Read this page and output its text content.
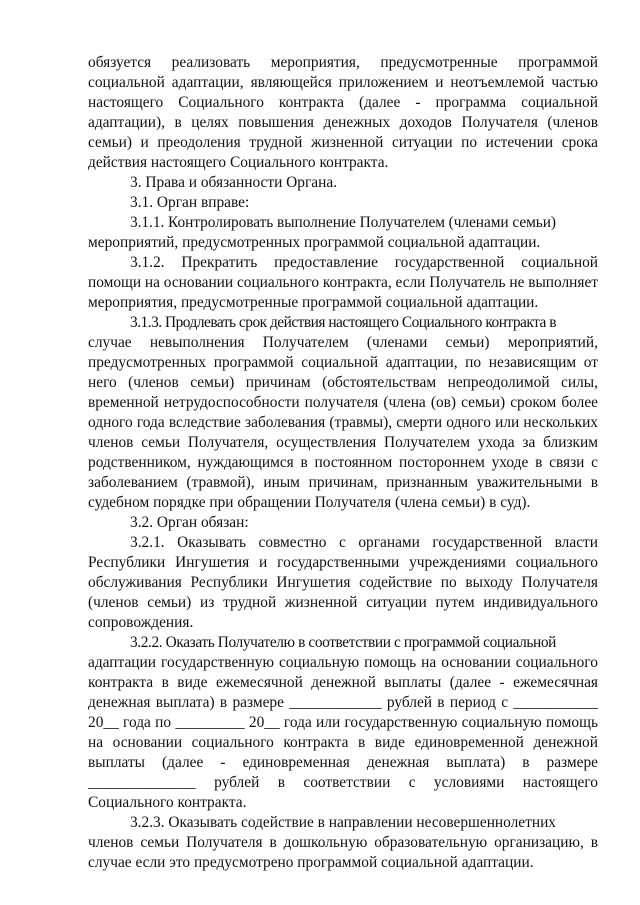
обязуется реализовать мероприятия, предусмотренные программой
социальной адаптации, являющейся приложением и неотъемлемой частью
настоящего Социального контракта (далее - программа социальной
адаптации), в целях повышения денежных доходов Получателя (членов
семьи) и преодоления трудной жизненной ситуации по истечении срока
действия настоящего Социального контракта.
3. Права и обязанности Органа.
3.1. Орган вправе:
3.1.1. Контролировать выполнение Получателем (членами семьи)
мероприятий, предусмотренных программой социальной адаптации.
3.1.2. Прекратить предоставление государственной социальной
помощи на основании социального контракта, если Получатель не выполняет
мероприятия, предусмотренные программой социальной адаптации.
3.1.3. Продлевать срок действия настоящего Социального контракта в
случае невыполнения Получателем (членами семьи) мероприятий,
предусмотренных программой социальной адаптации, по независящим от
него (членов семьи) причинам (обстоятельствам непреодолимой силы,
временной нетрудоспособности получателя (члена (ов) семьи) сроком более
одного года вследствие заболевания (травмы), смерти одного или нескольких
членов семьи Получателя, осуществления Получателем ухода за близким
родственником, нуждающимся в постоянном постороннем уходе в связи с
заболеванием (травмой), иным причинам, признанным уважительными в
судебном порядке при обращении Получателя (члена семьи) в суд).
3.2. Орган обязан:
3.2.1. Оказывать совместно с органами государственной власти
Республики Ингушетия и государственными учреждениями социального
обслуживания Республики Ингушетия содействие по выходу Получателя
(членов семьи) из трудной жизненной ситуации путем индивидуального
сопровождения.
3.2.2. Оказать Получателю в соответствии с программой социальной
адаптации государственную социальную помощь на основании социального
контракта в виде ежемесячной денежной выплаты (далее - ежемесячная
денежная выплата) в размере ____________ рублей в период с ___________
20__ года по _________ 20__ года или государственную социальную помощь
на основании социального контракта в виде единовременной денежной
выплаты (далее - единовременная денежная выплата) в размере
______________ рублей в соответствии с условиями настоящего
Социального контракта.
3.2.3. Оказывать содействие в направлении несовершеннолетних
членов семьи Получателя в дошкольную образовательную организацию, в
случае если это предусмотрено программой социальной адаптации.
